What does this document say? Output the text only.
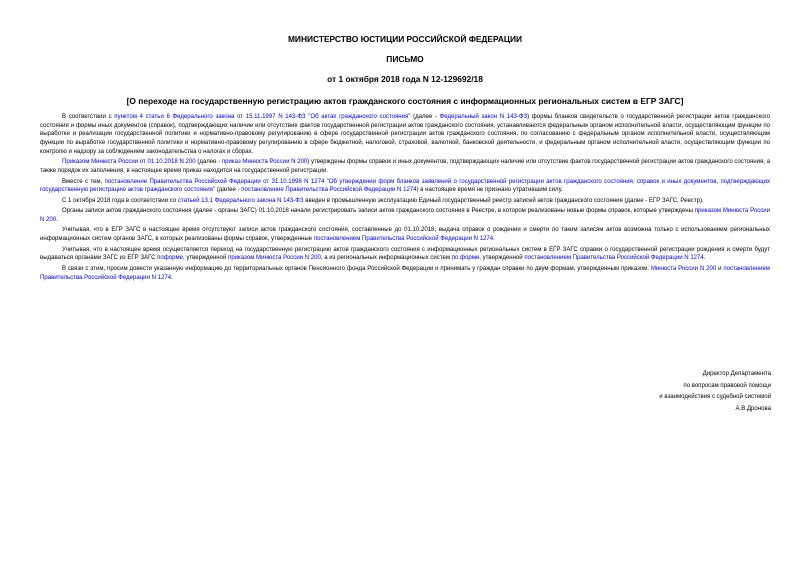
МИНИСТЕРСТВО ЮСТИЦИИ РОССИЙСКОЙ ФЕДЕРАЦИИ
ПИСЬМО
от 1 октября 2018 года N 12-129692/18
[О переходе на государственную регистрацию актов гражданского состояния с информационных региональных систем в ЕГР ЗАГС]

В соответствии с пунктом 4 статьи 6 Федерального закона от 15.11.1997 N 143-ФЗ "Об актах гражданского состояния" (далее - Федеральный закон N 143-ФЗ) формы бланков свидетельств о государственной регистрации актов гражданского состояния и формы иных документов (справок), подтверждающих наличие или отсутствие фактов государственной регистрации актов гражданского состояния, устанавливаются федеральным органом исполнительной власти, осуществляющим функции по выработке и реализации государственной политики и нормативно-правовому регулированию в сфере государственной регистрации актов гражданского состояния, по согласованию с федеральным органом исполнительной власти, осуществляющим функции по выработке государственной политики и нормативно-правовому регулированию в сфере бюджетной, налоговой, страховой, валютной, банковской деятельности, и федеральным органом исполнительной власти, осуществляющим функции по контролю и надзору за соблюдением законодательства о налогах и сборах.

Приказом Минюста России от 01.10.2018 N 200 (далее - приказ Минюста России N 200) утверждены формы справок и иных документов, подтверждающих наличие или отсутствие фактов государственной регистрации актов гражданского состояния, а также порядок их заполнения, в настоящее время приказ находится на государственной регистрации.

Вместе с тем, постановление Правительства Российской Федерации от 31.10.1998 N 1274 "Об утверждении форм бланков заявлений о государственной регистрации актов гражданского состояния, справок и иных документов, подтверждающих государственную регистрацию актов гражданского состояния" (далее - постановление Правительства Российской Федерации N 1274) в настоящее время не признано утратившим силу.

С 1 октября 2018 года в соответствии со статьей 13.1 Федерального закона N 143-ФЗ введен в промышленную эксплуатацию Единый государственный реестр записей актов гражданского состояния (далее - ЕГР ЗАГС, Реестр).

Органы записи актов гражданского состояния (далее - органы ЗАГС) 01.10.2018 начали регистрировать записи актов гражданского состояния в Реестре, в котором реализованы новые формы справок, которые утверждены приказом Минюста России N 200.

Учитывая, что в ЕГР ЗАГС в настоящее время отсутствуют записи актов гражданского состояния, составленные до 01.10.2018, выдача справок о рождении и смерти по таким записям актов возможна только с использованием региональных информационных систем органов ЗАГС, в которых реализованы формы справок, утвержденные постановлением Правительства Российской Федерации N 1274.

Учитывая, что в настоящее время осуществляется переход на государственную регистрацию актов гражданского состояния с информационных региональных систем в ЕГР ЗАГС справки о государственной регистрации рождения и смерти будут выдаваться органами ЗАГС из ЕГР ЗАГС поформе, утвержденной приказом Минюста России N 200, а из региональных информационных систем по форме, утвержденной постановлением Правительства Российской Федерации N 1274.

В связи с этим, просим довести указанную информацию до территориальных органов Пенсионного фонда Российской Федерации и принимать у граждан справки по двум формам, утвержденным приказом: Минюста России N 200 и постановлением Правительства Российской Федерации N 1274.

Директор Департамента
по вопросам правовой помощи
и взаимодействия с судебной системой
А.В.Дронова
